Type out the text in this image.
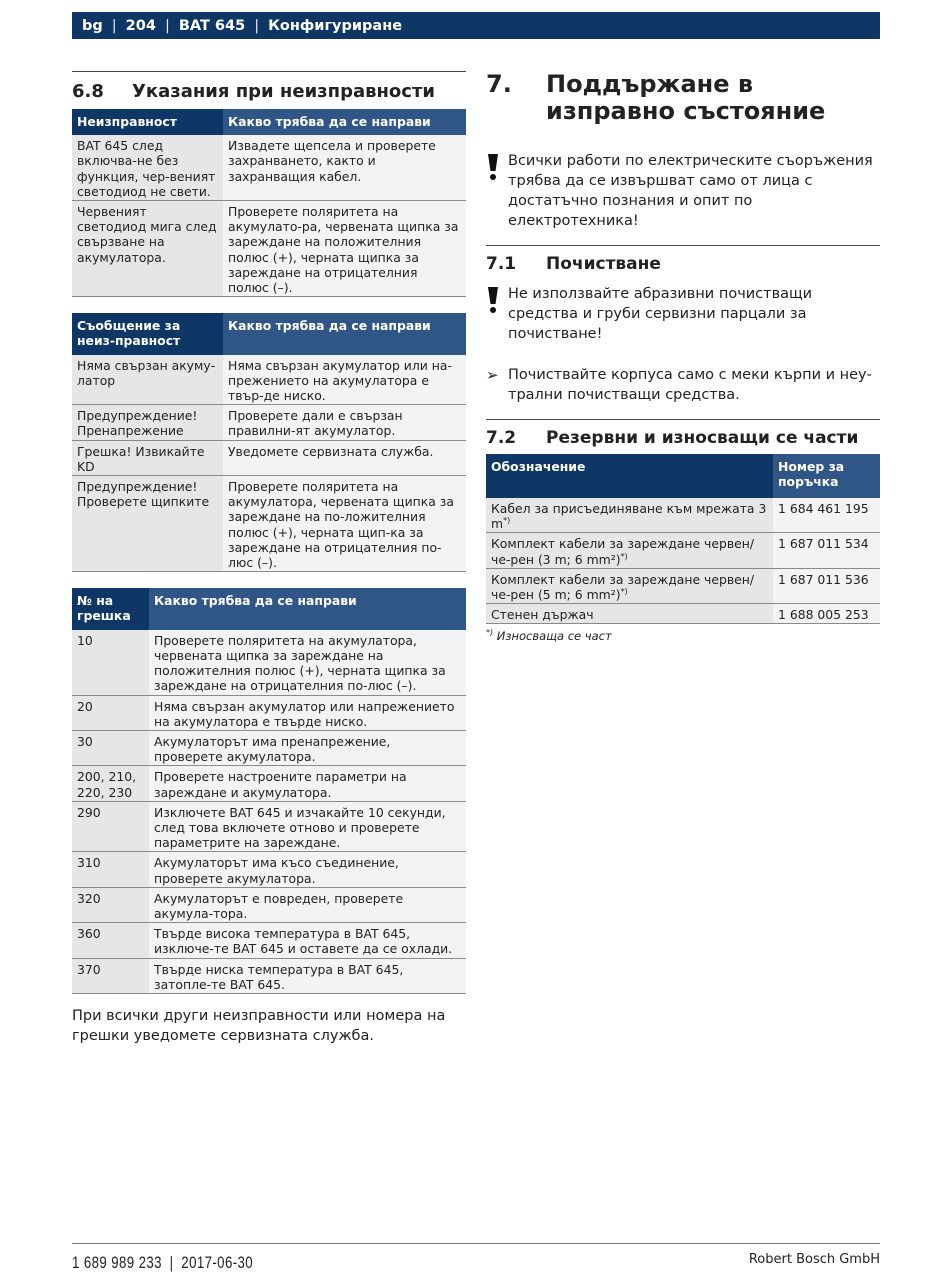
bg | 204 | BAT 645 | Конфигуриране
6.8	Указания при неизправности
Неизправност	Какво трябва да се направи
BAT 645 след включва-не без функция, чер-веният светодиод не свети.	Извадете щепсела и проверете захранването, както и захранващия кабел.
Червеният светодиод мига след свързване на акумулатора.	Проверете поляритета на акумулато-ра, червената щипка за зареждане на положителния полюс (+), черната щипка за зареждане на отрицателния полюс (–).
Съобщение за неиз-правност	Какво трябва да се направи
Няма свързан акуму-латор	Няма свързан акумулатор или на-прежението на акумулатора е твър-де ниско.
Предупреждение! Пренапрежение	Проверете дали е свързан правилни-ят акумулатор.
Грешка! Извикайте KD	Уведомете сервизната служба.
Предупреждение! Проверете щипките	Проверете поляритета на акумулатора, червената щипка за зареждане на по-ложителния полюс (+), черната щип-ка за зареждане на отрицателния по-люс (–).
№ на грешка	Какво трябва да се направи
10	Проверете поляритета на акумулатора, червената щипка за зареждане на положителния полюс (+), черната щипка за зареждане на отрицателния по-люс (–).
20	Няма свързан акумулатор или напрежението на акумулатора е твърде ниско.
30	Акумулаторът има пренапрежение, проверете акумулатора.
200, 210, 220, 230	Проверете настроените параметри на зареждане и акумулатора.
290	Изключете BAT 645 и изчакайте 10 секунди, след това включете отново и проверете параметрите на зареждане.
310	Акумулаторът има късо съединение, проверете акумулатора.
320	Акумулаторът е повреден, проверете акумула-тора.
360	Твърде висока температура в BAT 645, изключе-те BAT 645 и оставете да се охлади.
370	Твърде ниска температура в BAT 645, затопле-те BAT 645.

При всички други неизправности или номера на грешки уведомете сервизната служба.

7.	Поддържане в изправно състояние
Всички работи по електрическите съоръжения трябва да се извършват само от лица с достатъчно познания и опит по електротехника!
7.1	Почистване
Не използвайте абразивни почистващи средства и груби сервизни парцали за почистване!
➢ Почиствайте корпуса само с меки кърпи и неу-трални почистващи средства.
7.2	Резервни и износващи се части
Обозначение	Номер за поръчка
Кабел за присъединяване към мрежата 3 m*)	1 684 461 195
Комплект кабели за зареждане червен/че-рен (3 m; 6 mm²)*)	1 687 011 534
Комплект кабели за зареждане червен/че-рен (5 m; 6 mm²)*)	1 687 011 536
Стенен държач	1 688 005 253
*) Износваща се част
1 689 989 233 | 2017-06-30	Robert Bosch GmbH
